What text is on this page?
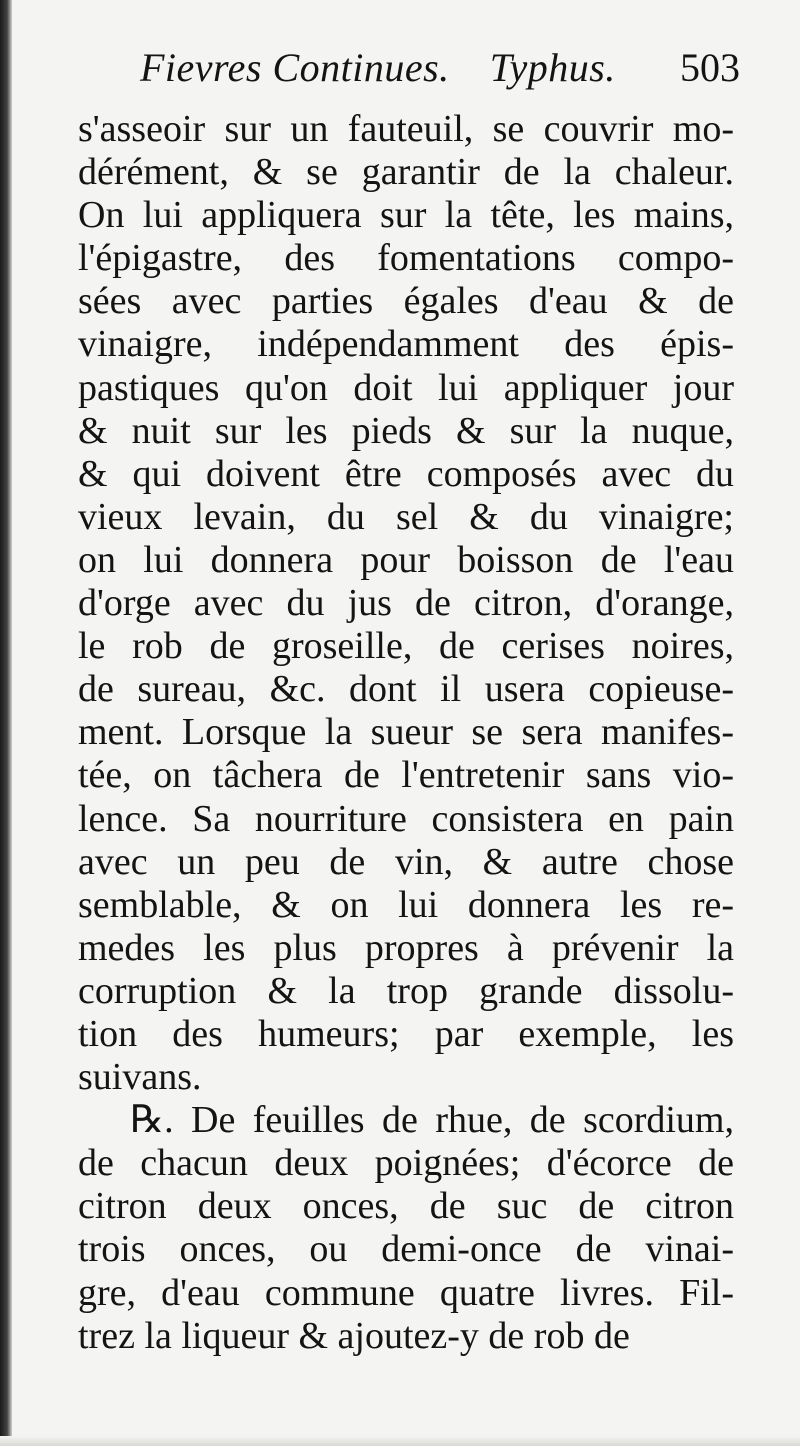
Fievres Continues. Typhus. 503
s'asseoir sur un fauteuil, se couvrir mo-
dérément, & se garantir de la chaleur.
On lui appliquera sur la tête, les mains,
l'épigastre, des fomentations compo-
sées avec parties égales d'eau & de
vinaigre, indépendamment des épis-
pastiques qu'on doit lui appliquer jour
& nuit sur les pieds & sur la nuque,
& qui doivent être composés avec du
vieux levain, du sel & du vinaigre;
on lui donnera pour boisson de l'eau
d'orge avec du jus de citron, d'orange,
le rob de groseille, de cerises noires,
de sureau, &c. dont il usera copieuse-
ment. Lorsque la sueur se sera manifes-
tée, on tâchera de l'entretenir sans vio-
lence. Sa nourriture consistera en pain
avec un peu de vin, & autre chose
semblable, & on lui donnera les re-
medes les plus propres à prévenir la
corruption & la trop grande dissolu-
tion des humeurs; par exemple, les
suivans.
℞. De feuilles de rhue, de scordium,
de chacun deux poignées; d'écorce de
citron deux onces, de suc de citron
trois onces, ou demi-once de vinai-
gre, d'eau commune quatre livres. Fil-
trez la liqueur & ajoutez-y de rob de
